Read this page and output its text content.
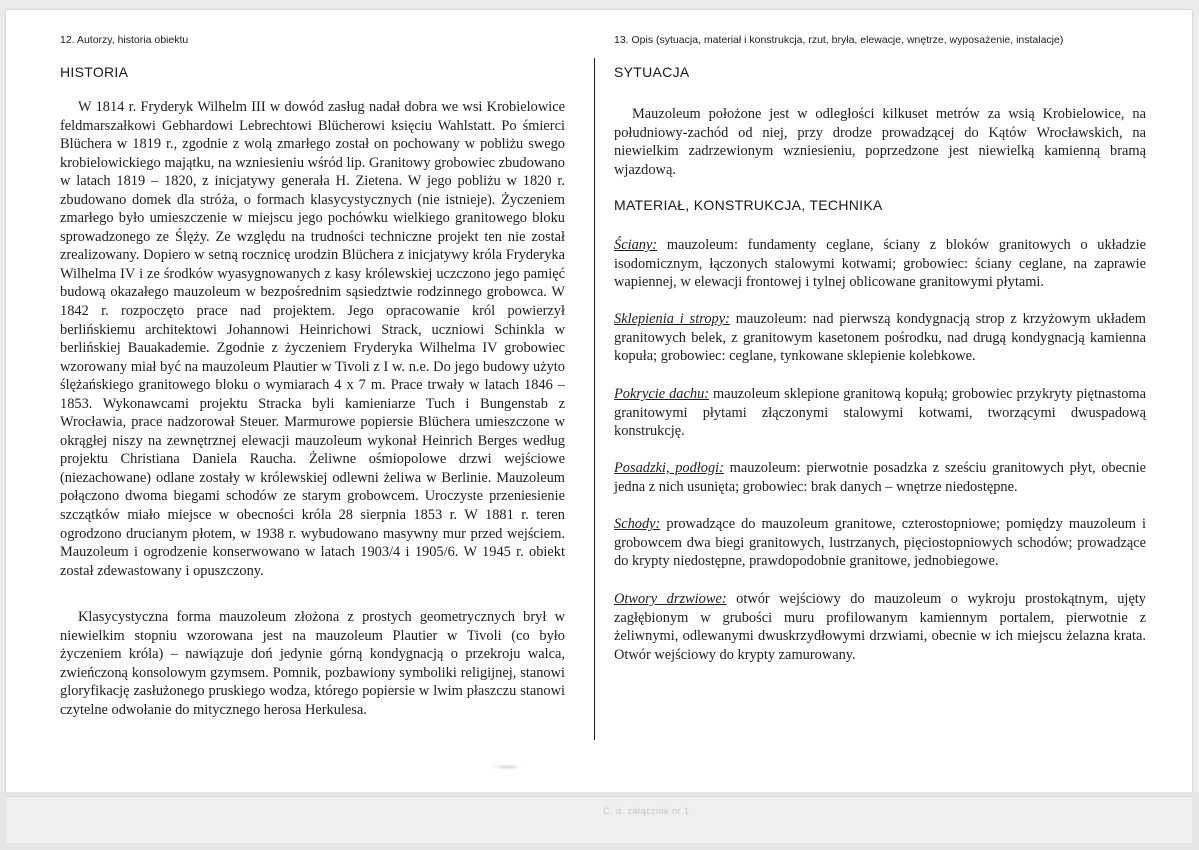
C. d. załącznik nr 1
12. Autorzy, historia obiektu
HISTORIA

W 1814 r. Fryderyk Wilhelm III w dowód zasług nadał dobra we wsi Krobielowice feldmarszałkowi Gebhardowi Lebrechtowi Blücherowi księciu Wahlstatt. Po śmierci Blüchera w 1819 r., zgodnie z wolą zmarłego został on pochowany w pobliżu swego krobielowickiego majątku, na wzniesieniu wśród lip. Granitowy grobowiec zbudowano w latach 1819 – 1820, z inicjatywy generała H. Zietena. W jego pobliżu w 1820 r. zbudowano domek dla stróża, o formach klasycystycznych (nie istnieje). Życzeniem zmarłego było umieszczenie w miejscu jego pochówku wielkiego granitowego bloku sprowadzonego ze Ślęży. Ze względu na trudności techniczne projekt ten nie został zrealizowany. Dopiero w setną rocznicę urodzin Blüchera z inicjatywy króla Fryderyka Wilhelma IV i ze środków wyasygnowanych z kasy królewskiej uczczono jego pamięć budową okazałego mauzoleum w bezpośrednim sąsiedztwie rodzinnego grobowca. W 1842 r. rozpoczęto prace nad projektem. Jego opracowanie król powierzył berlińskiemu architektowi Johannowi Heinrichowi Strack, uczniowi Schinkla w berlińskiej Bauakademie. Zgodnie z życzeniem Fryderyka Wilhelma IV grobowiec wzorowany miał być na mauzoleum Plautier w Tivoli z I w. n.e. Do jego budowy użyto ślężańskiego granitowego bloku o wymiarach 4 x 7 m. Prace trwały w latach 1846 – 1853. Wykonawcami projektu Stracka byli kamieniarze Tuch i Bungenstab z Wrocławia, prace nadzorował Steuer. Marmurowe popiersie Blüchera umieszczone w okrągłej niszy na zewnętrznej elewacji mauzoleum wykonał Heinrich Berges według projektu Christiana Daniela Raucha. Żeliwne ośmiopolowe drzwi wejściowe (niezachowane) odlane zostały w królewskiej odlewni żeliwa w Berlinie. Mauzoleum połączono dwoma biegami schodów ze starym grobowcem. Uroczyste przeniesienie szczątków miało miejsce w obecności króla 28 sierpnia 1853 r. W 1881 r. teren ogrodzono drucianym płotem, w 1938 r. wybudowano masywny mur przed wejściem. Mauzoleum i ogrodzenie konserwowano w latach 1903/4 i 1905/6. W 1945 r. obiekt został zdewastowany i opuszczony.

Klasycystyczna forma mauzoleum złożona z prostych geometrycznych brył w niewielkim stopniu wzorowana jest na mauzoleum Plautier w Tivoli (co było życzeniem króla) – nawiązuje doń jedynie górną kondygnacją o przekroju walca, zwieńczoną konsolowym gzymsem. Pomnik, pozbawiony symboliki religijnej, stanowi gloryfikację zasłużonego pruskiego wodza, którego popiersie w lwim płaszczu stanowi czytelne odwołanie do mitycznego herosa Herkulesa.

13. Opis (sytuacja, materiał i konstrukcja, rzut, bryła, elewacje, wnętrze, wyposażenie, instalacje)
SYTUACJA

Mauzoleum położone jest w odległości kilkuset metrów za wsią Krobielowice, na południowy-zachód od niej, przy drodze prowadzącej do Kątów Wrocławskich, na niewielkim zadrzewionym wzniesieniu, poprzedzone jest niewielką kamienną bramą wjazdową.

MATERIAŁ, KONSTRUKCJA, TECHNIKA

Ściany: mauzoleum: fundamenty ceglane, ściany z bloków granitowych o układzie isodomicznym, łączonych stalowymi kotwami; grobowiec: ściany ceglane, na zaprawie wapiennej, w elewacji frontowej i tylnej oblicowane granitowymi płytami.

Sklepienia i stropy: mauzoleum: nad pierwszą kondygnacją strop z krzyżowym układem granitowych belek, z granitowym kasetonem pośrodku, nad drugą kondygnacją kamienna kopuła; grobowiec: ceglane, tynkowane sklepienie kolebkowe.

Pokrycie dachu: mauzoleum sklepione granitową kopułą; grobowiec przykryty piętnastoma granitowymi płytami złączonymi stalowymi kotwami, tworzącymi dwuspadową konstrukcję.

Posadzki, podłogi: mauzoleum: pierwotnie posadzka z sześciu granitowych płyt, obecnie jedna z nich usunięta; grobowiec: brak danych – wnętrze niedostępne.

Schody: prowadzące do mauzoleum granitowe, czterostopniowe; pomiędzy mauzoleum i grobowcem dwa biegi granitowych, lustrzanych, pięciostopniowych schodów; prowadzące do krypty niedostępne, prawdopodobnie granitowe, jednobiegowe.

Otwory drzwiowe: otwór wejściowy do mauzoleum o wykroju prostokątnym, ujęty zagłębionym w grubości muru profilowanym kamiennym portalem, pierwotnie z żeliwnymi, odlewanymi dwuskrzydłowymi drzwiami, obecnie w ich miejscu żelazna krata. Otwór wejściowy do krypty zamurowany.
